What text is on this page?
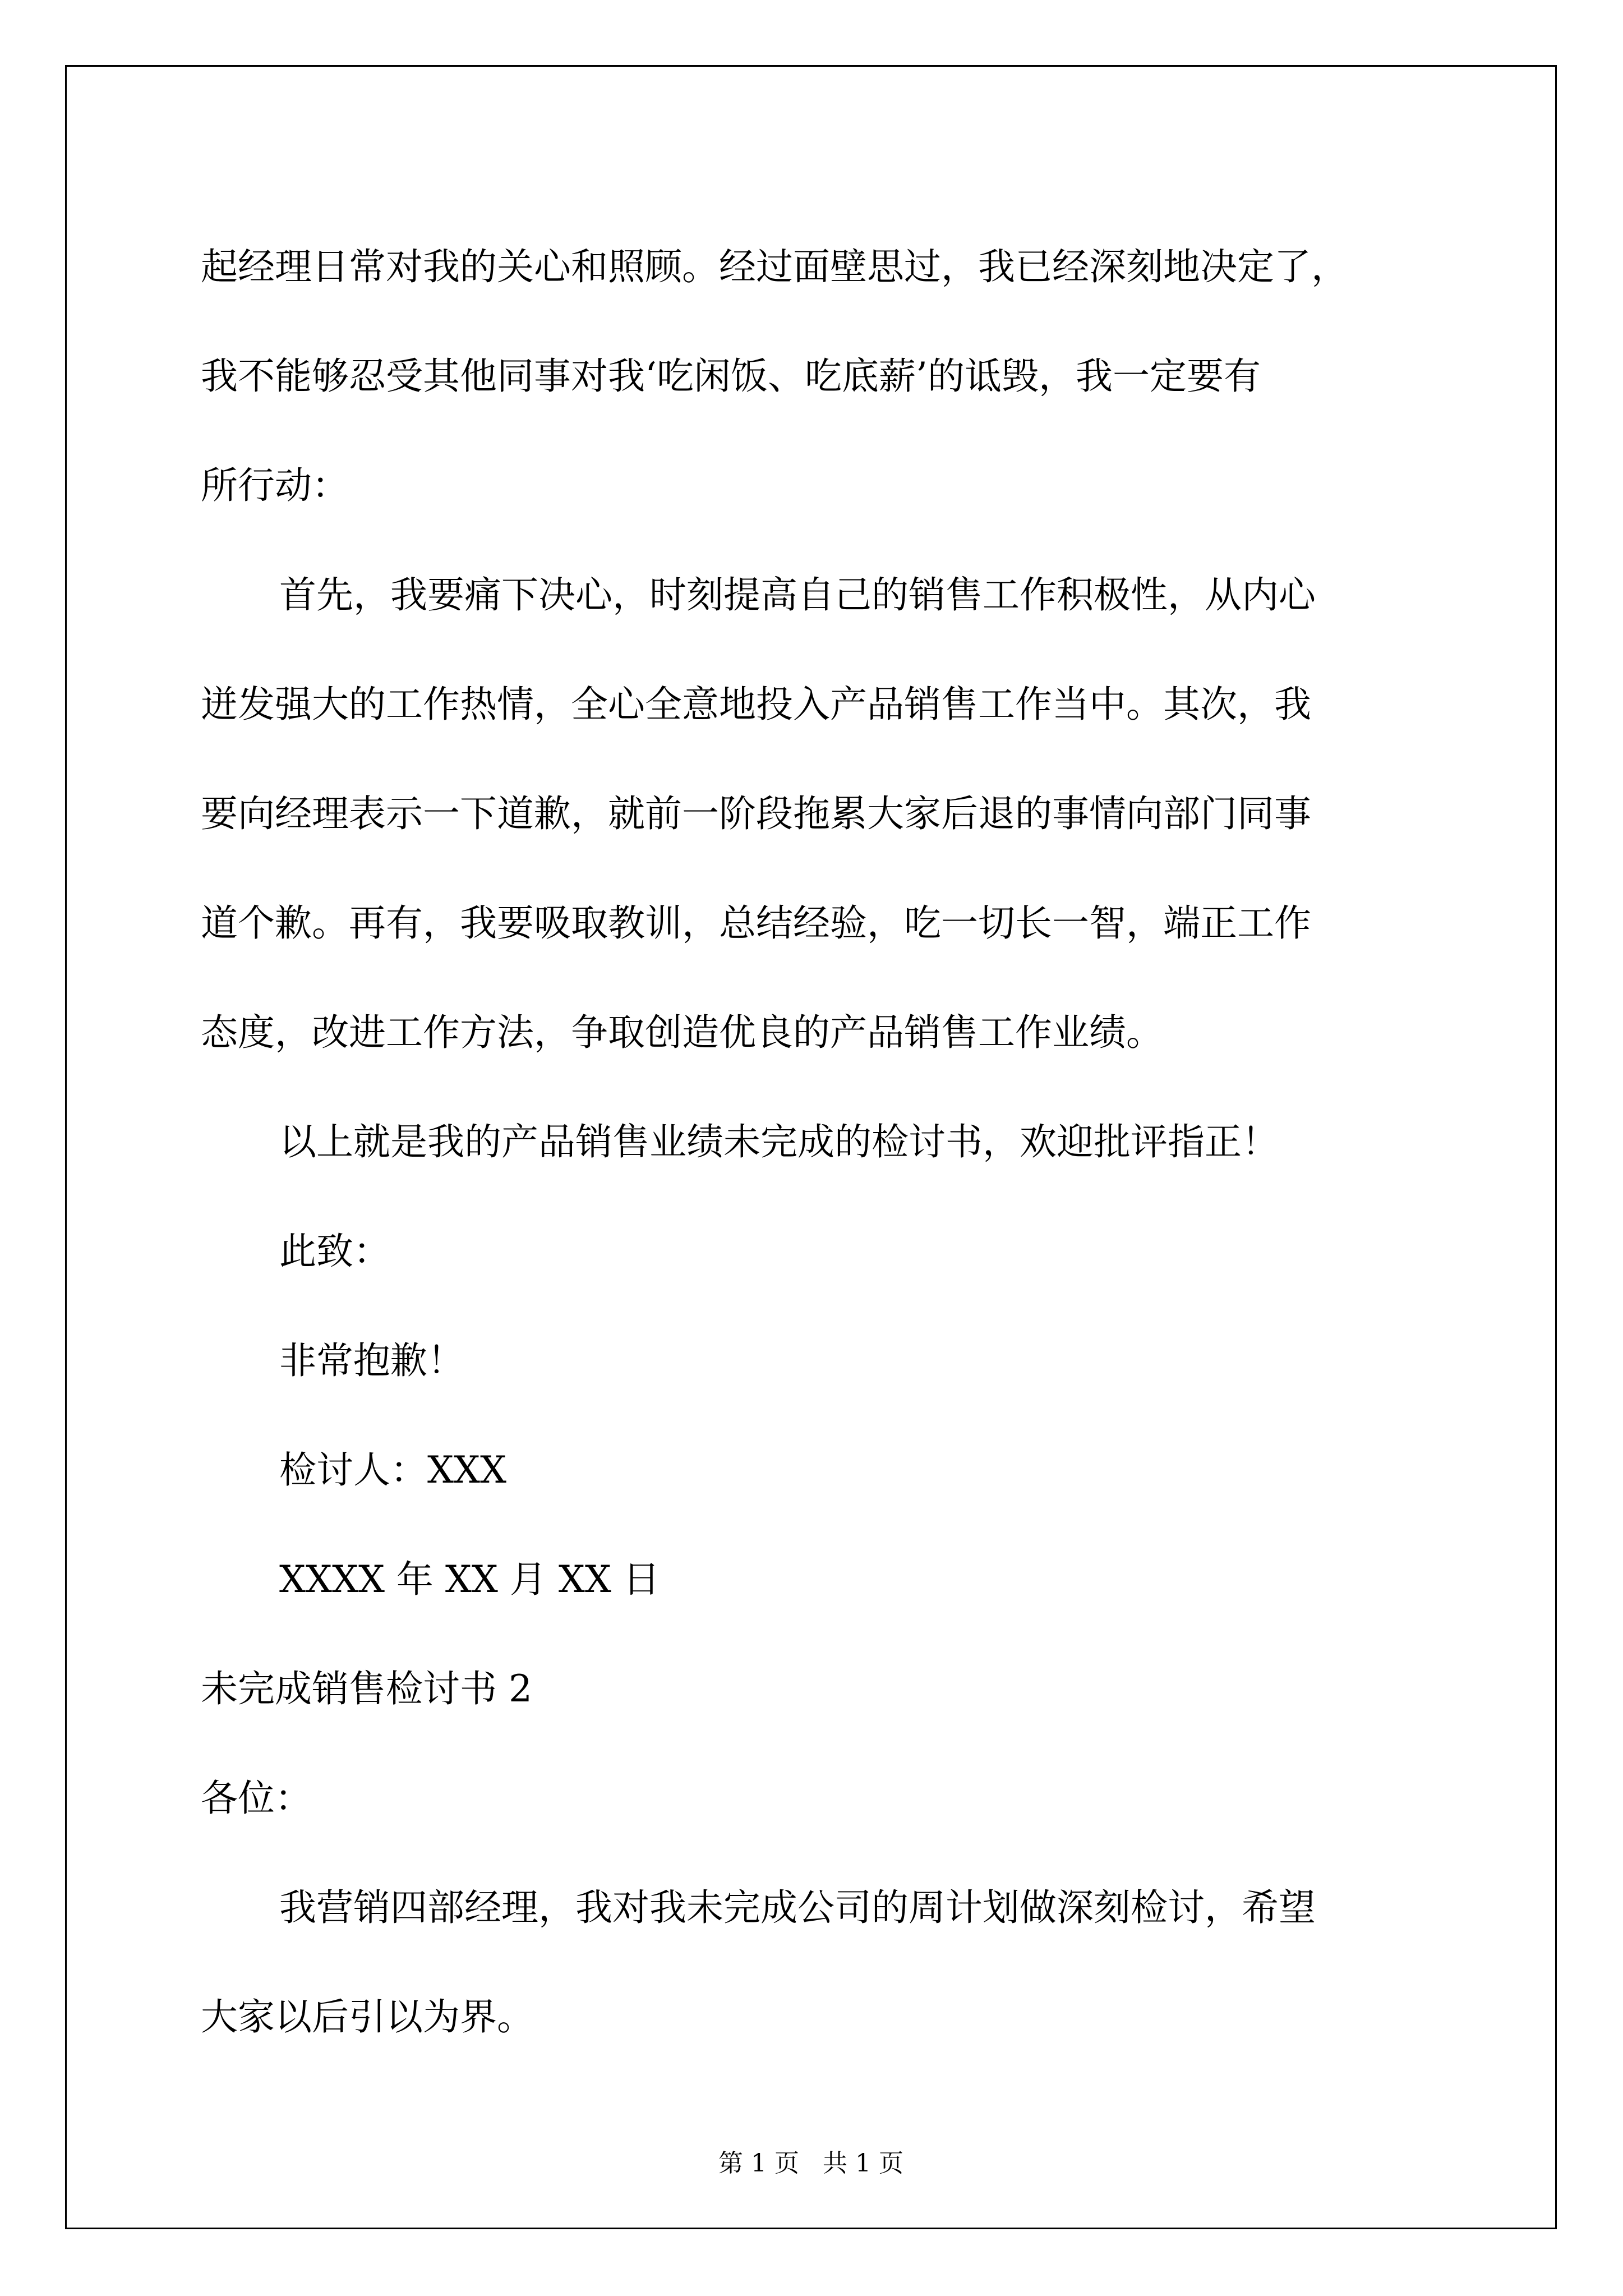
起经理日常对我的关心和照顾。经过面壁思过，我已经深刻地决定了，
我不能够忍受其他同事对我‘吃闲饭、吃底薪’的诋毁，我一定要有
所行动：
首先，我要痛下决心，时刻提高自己的销售工作积极性，从内心
迸发强大的工作热情，全心全意地投入产品销售工作当中。其次，我
要向经理表示一下道歉，就前一阶段拖累大家后退的事情向部门同事
道个歉。再有，我要吸取教训，总结经验，吃一切长一智，端正工作
态度，改进工作方法，争取创造优良的产品销售工作业绩。
以上就是我的产品销售业绩未完成的检讨书，欢迎批评指正！
此致：
非常抱歉！
检讨人：XXX
XXXX 年 XX 月 XX 日
未完成销售检讨书 2
各位：
我营销四部经理，我对我未完成公司的周计划做深刻检讨，希望
大家以后引以为界。
第 1 页   共 1 页
